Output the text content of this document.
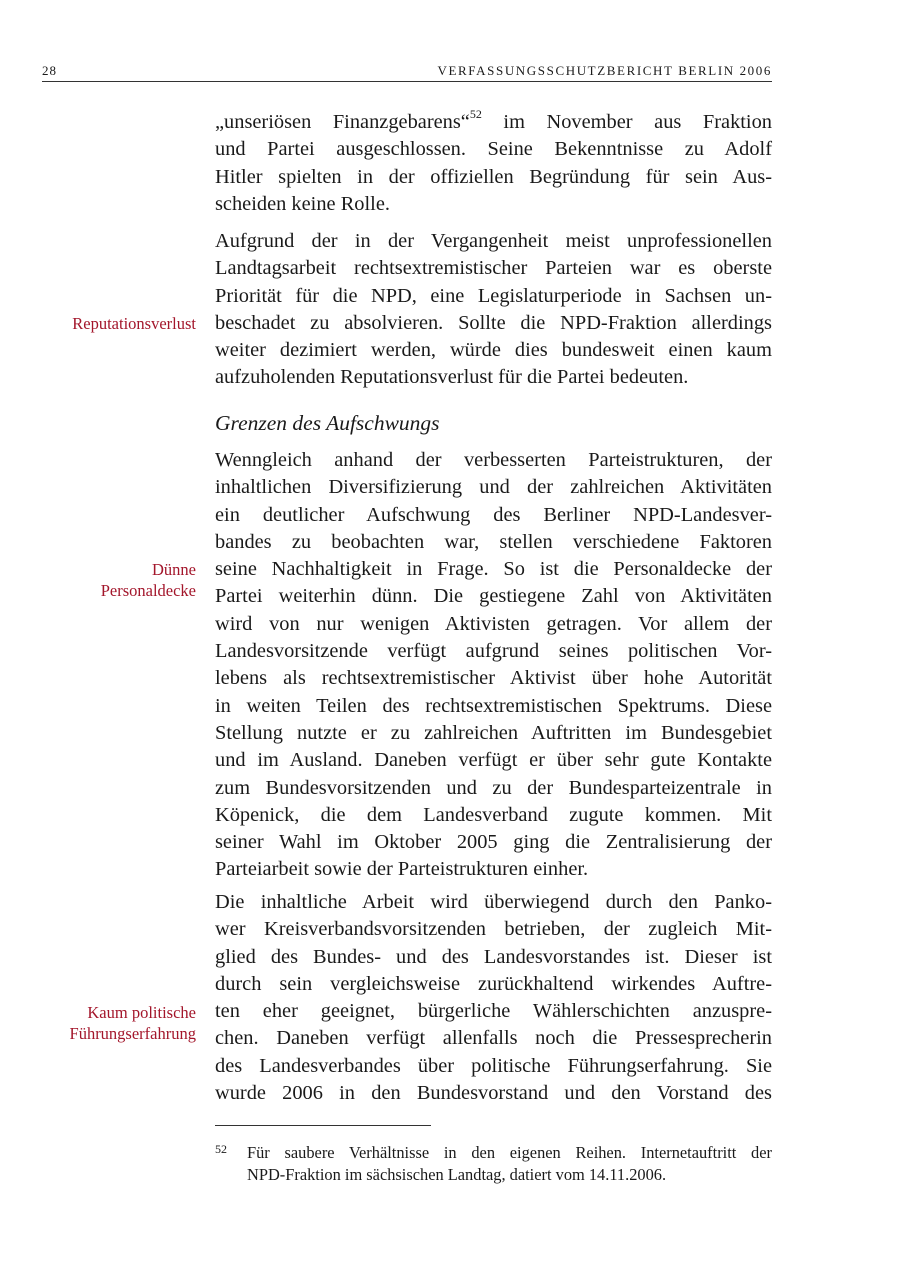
28	VERFASSUNGSSCHUTZBERICHT BERLIN 2006

„unseriösen Finanzgebarens“$^{52}$ im November aus Fraktion
und Partei ausgeschlossen. Seine Bekenntnisse zu Adolf
Hitler spielten in der offiziellen Begründung für sein Aus-
scheiden keine Rolle.

Aufgrund der in der Vergangenheit meist unprofessionellen
Landtagsarbeit rechtsextremistischer Parteien war es oberste
Priorität für die NPD, eine Legislaturperiode in Sachsen un-
beschadet zu absolvieren. Sollte die NPD-Fraktion allerdings
weiter dezimiert werden, würde dies bundesweit einen kaum
aufzuholenden Reputationsverlust für die Partei bedeuten.

Grenzen des Aufschwungs

Wenngleich anhand der verbesserten Parteistrukturen, der
inhaltlichen Diversifizierung und der zahlreichen Aktivitäten
ein deutlicher Aufschwung des Berliner NPD-Landesver-
bandes zu beobachten war, stellen verschiedene Faktoren
seine Nachhaltigkeit in Frage. So ist die Personaldecke der
Partei weiterhin dünn. Die gestiegene Zahl von Aktivitäten
wird von nur wenigen Aktivisten getragen. Vor allem der
Landesvorsitzende verfügt aufgrund seines politischen Vor-
lebens als rechtsextremistischer Aktivist über hohe Autorität
in weiten Teilen des rechtsextremistischen Spektrums. Diese
Stellung nutzte er zu zahlreichen Auftritten im Bundesgebiet
und im Ausland. Daneben verfügt er über sehr gute Kontakte
zum Bundesvorsitzenden und zu der Bundesparteizentrale in
Köpenick, die dem Landesverband zugute kommen. Mit
seiner Wahl im Oktober 2005 ging die Zentralisierung der
Parteiarbeit sowie der Parteistrukturen einher.

Die inhaltliche Arbeit wird überwiegend durch den Panko-
wer Kreisverbandsvorsitzenden betrieben, der zugleich Mit-
glied des Bundes- und des Landesvorstandes ist. Dieser ist
durch sein vergleichsweise zurückhaltend wirkendes Auftre-
ten eher geeignet, bürgerliche Wählerschichten anzuspre-
chen. Daneben verfügt allenfalls noch die Pressesprecherin
des Landesverbandes über politische Führungserfahrung. Sie
wurde 2006 in den Bundesvorstand und den Vorstand des

Reputationsverlust
Dünne
Personaldecke
Kaum politische
Führungserfahrung
52 Für saubere Verhältnisse in den eigenen Reihen. Internetauftritt der
NPD-Fraktion im sächsischen Landtag, datiert vom 14.11.2006.
